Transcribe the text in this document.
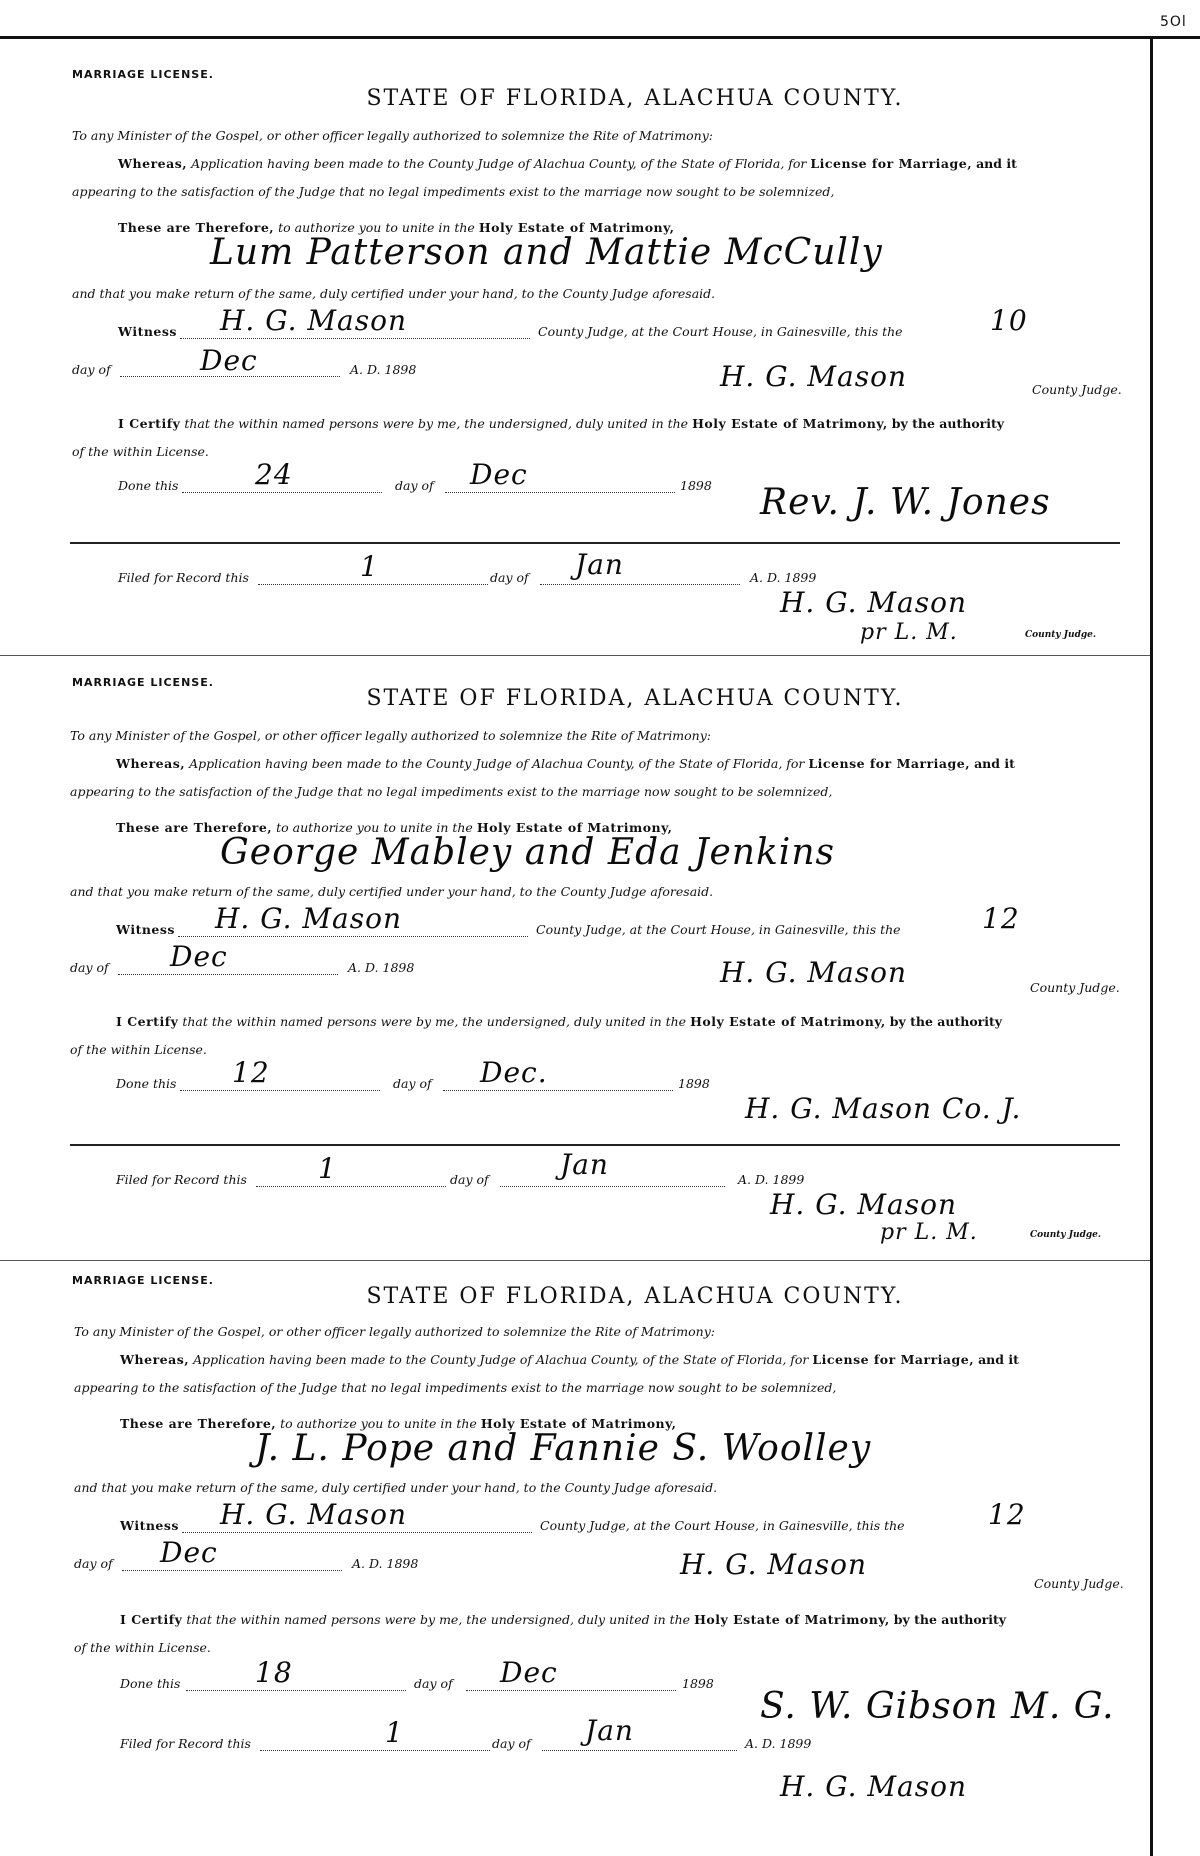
5Ol
MARRIAGE LICENSE.
STATE OF FLORIDA, ALACHUA COUNTY.
To any Minister of the Gospel, or other officer legally authorized to solemnize the Rite of Matrimony:
Whereas, Application having been made to the County Judge of Alachua County, of the State of Florida, for License for Marriage, and it
appearing to the satisfaction of the Judge that no legal impediments exist to the marriage now sought to be solemnized,
These are Therefore, to authorize you to unite in the Holy Estate of Matrimony,
Lum Patterson and Mattie McCully
and that you make return of the same, duly certified under your hand, to the County Judge aforesaid.
Witness H. G. Mason	County Judge, at the Court House, in Gainesville, this the	10
day of	Dec	A. D. 1898	H. G. Mason	County Judge.
I Certify that the within named persons were by me, the undersigned, duly united in the Holy Estate of Matrimony, by the authority
of the within License.
Done this	24	day of Dec	1898 Rev. J. W. Jones
Filed for Record this	1	day of Jan	A. D. 1899
H. G. Mason
pr L. M.	County Judge.
MARRIAGE LICENSE.
STATE OF FLORIDA, ALACHUA COUNTY.
To any Minister of the Gospel, or other officer legally authorized to solemnize the Rite of Matrimony:
Whereas, Application having been made to the County Judge of Alachua County, of the State of Florida, for License for Marriage, and it
appearing to the satisfaction of the Judge that no legal impediments exist to the marriage now sought to be solemnized,
These are Therefore, to authorize you to unite in the Holy Estate of Matrimony,
George Mabley and Eda Jenkins
and that you make return of the same, duly certified under your hand, to the County Judge aforesaid.
Witness H. G. Mason	County Judge, at the Court House, in Gainesville, this the	12
day of Dec	A. D. 1898	H. G. Mason	County Judge.
I Certify that the within named persons were by me, the undersigned, duly united in the Holy Estate of Matrimony, by the authority
of the within License.
Done this 12	day of Dec.	1898
H. G. Mason Co. J.
Filed for Record this	1	day of	Jan	A. D. 1899
H. G. Mason
pr L. M.	County Judge.
MARRIAGE LICENSE.
STATE OF FLORIDA, ALACHUA COUNTY.
To any Minister of the Gospel, or other officer legally authorized to solemnize the Rite of Matrimony:
Whereas, Application having been made to the County Judge of Alachua County, of the State of Florida, for License for Marriage, and it
appearing to the satisfaction of the Judge that no legal impediments exist to the marriage now sought to be solemnized,
These are Therefore, to authorize you to unite in the Holy Estate of Matrimony,
J. L. Pope and Fannie S. Woolley
and that you make return of the same, duly certified under your hand, to the County Judge aforesaid.
Witness H. G. Mason	County Judge, at the Court House, in Gainesville, this the	12
day of Dec	A. D. 1898	H. G. Mason
County Judge.
I Certify that the within named persons were by me, the undersigned, duly united in the Holy Estate of Matrimony, by the authority
of the within License.
Done this	18	day of Dec	1898
S. W. Gibson M. G.
Filed for Record this	1	day of Jan	A. D. 1899
H. G. Mason
